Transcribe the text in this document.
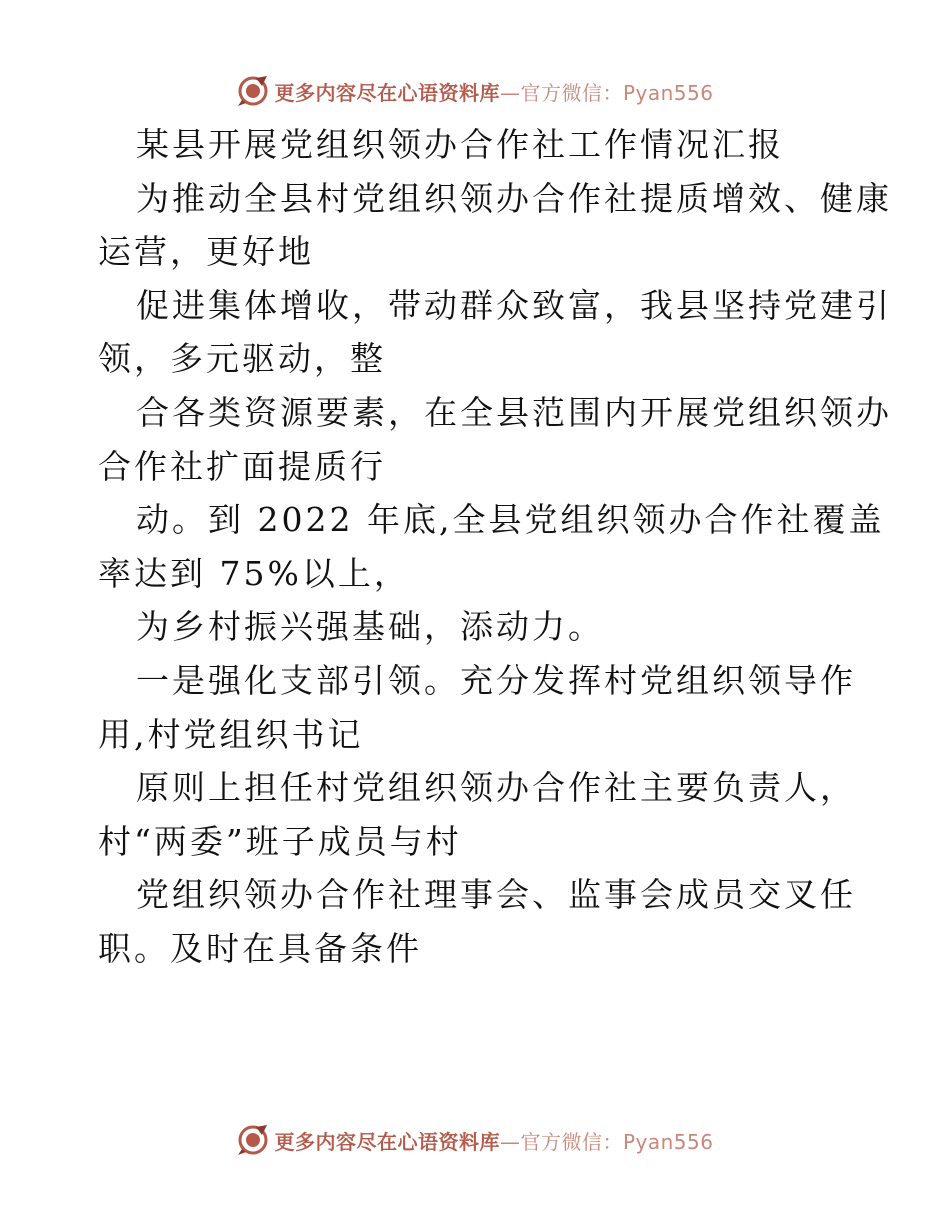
更多内容尽在心语资料库—官方微信：Pyan556
某县开展党组织领办合作社工作情况汇报
为推动全县村党组织领办合作社提质增效、健康
运营，更好地
促进集体增收，带动群众致富，我县坚持党建引
领，多元驱动，整
合各类资源要素，在全县范围内开展党组织领办
合作社扩面提质行
动。到 2022 年底,全县党组织领办合作社覆盖
率达到 75%以上，
为乡村振兴强基础，添动力。
一是强化支部引领。充分发挥村党组织领导作
用,村党组织书记
原则上担任村党组织领办合作社主要负责人，
村“两委”班子成员与村
党组织领办合作社理事会、监事会成员交叉任
职。及时在具备条件
更多内容尽在心语资料库—官方微信：Pyan556
